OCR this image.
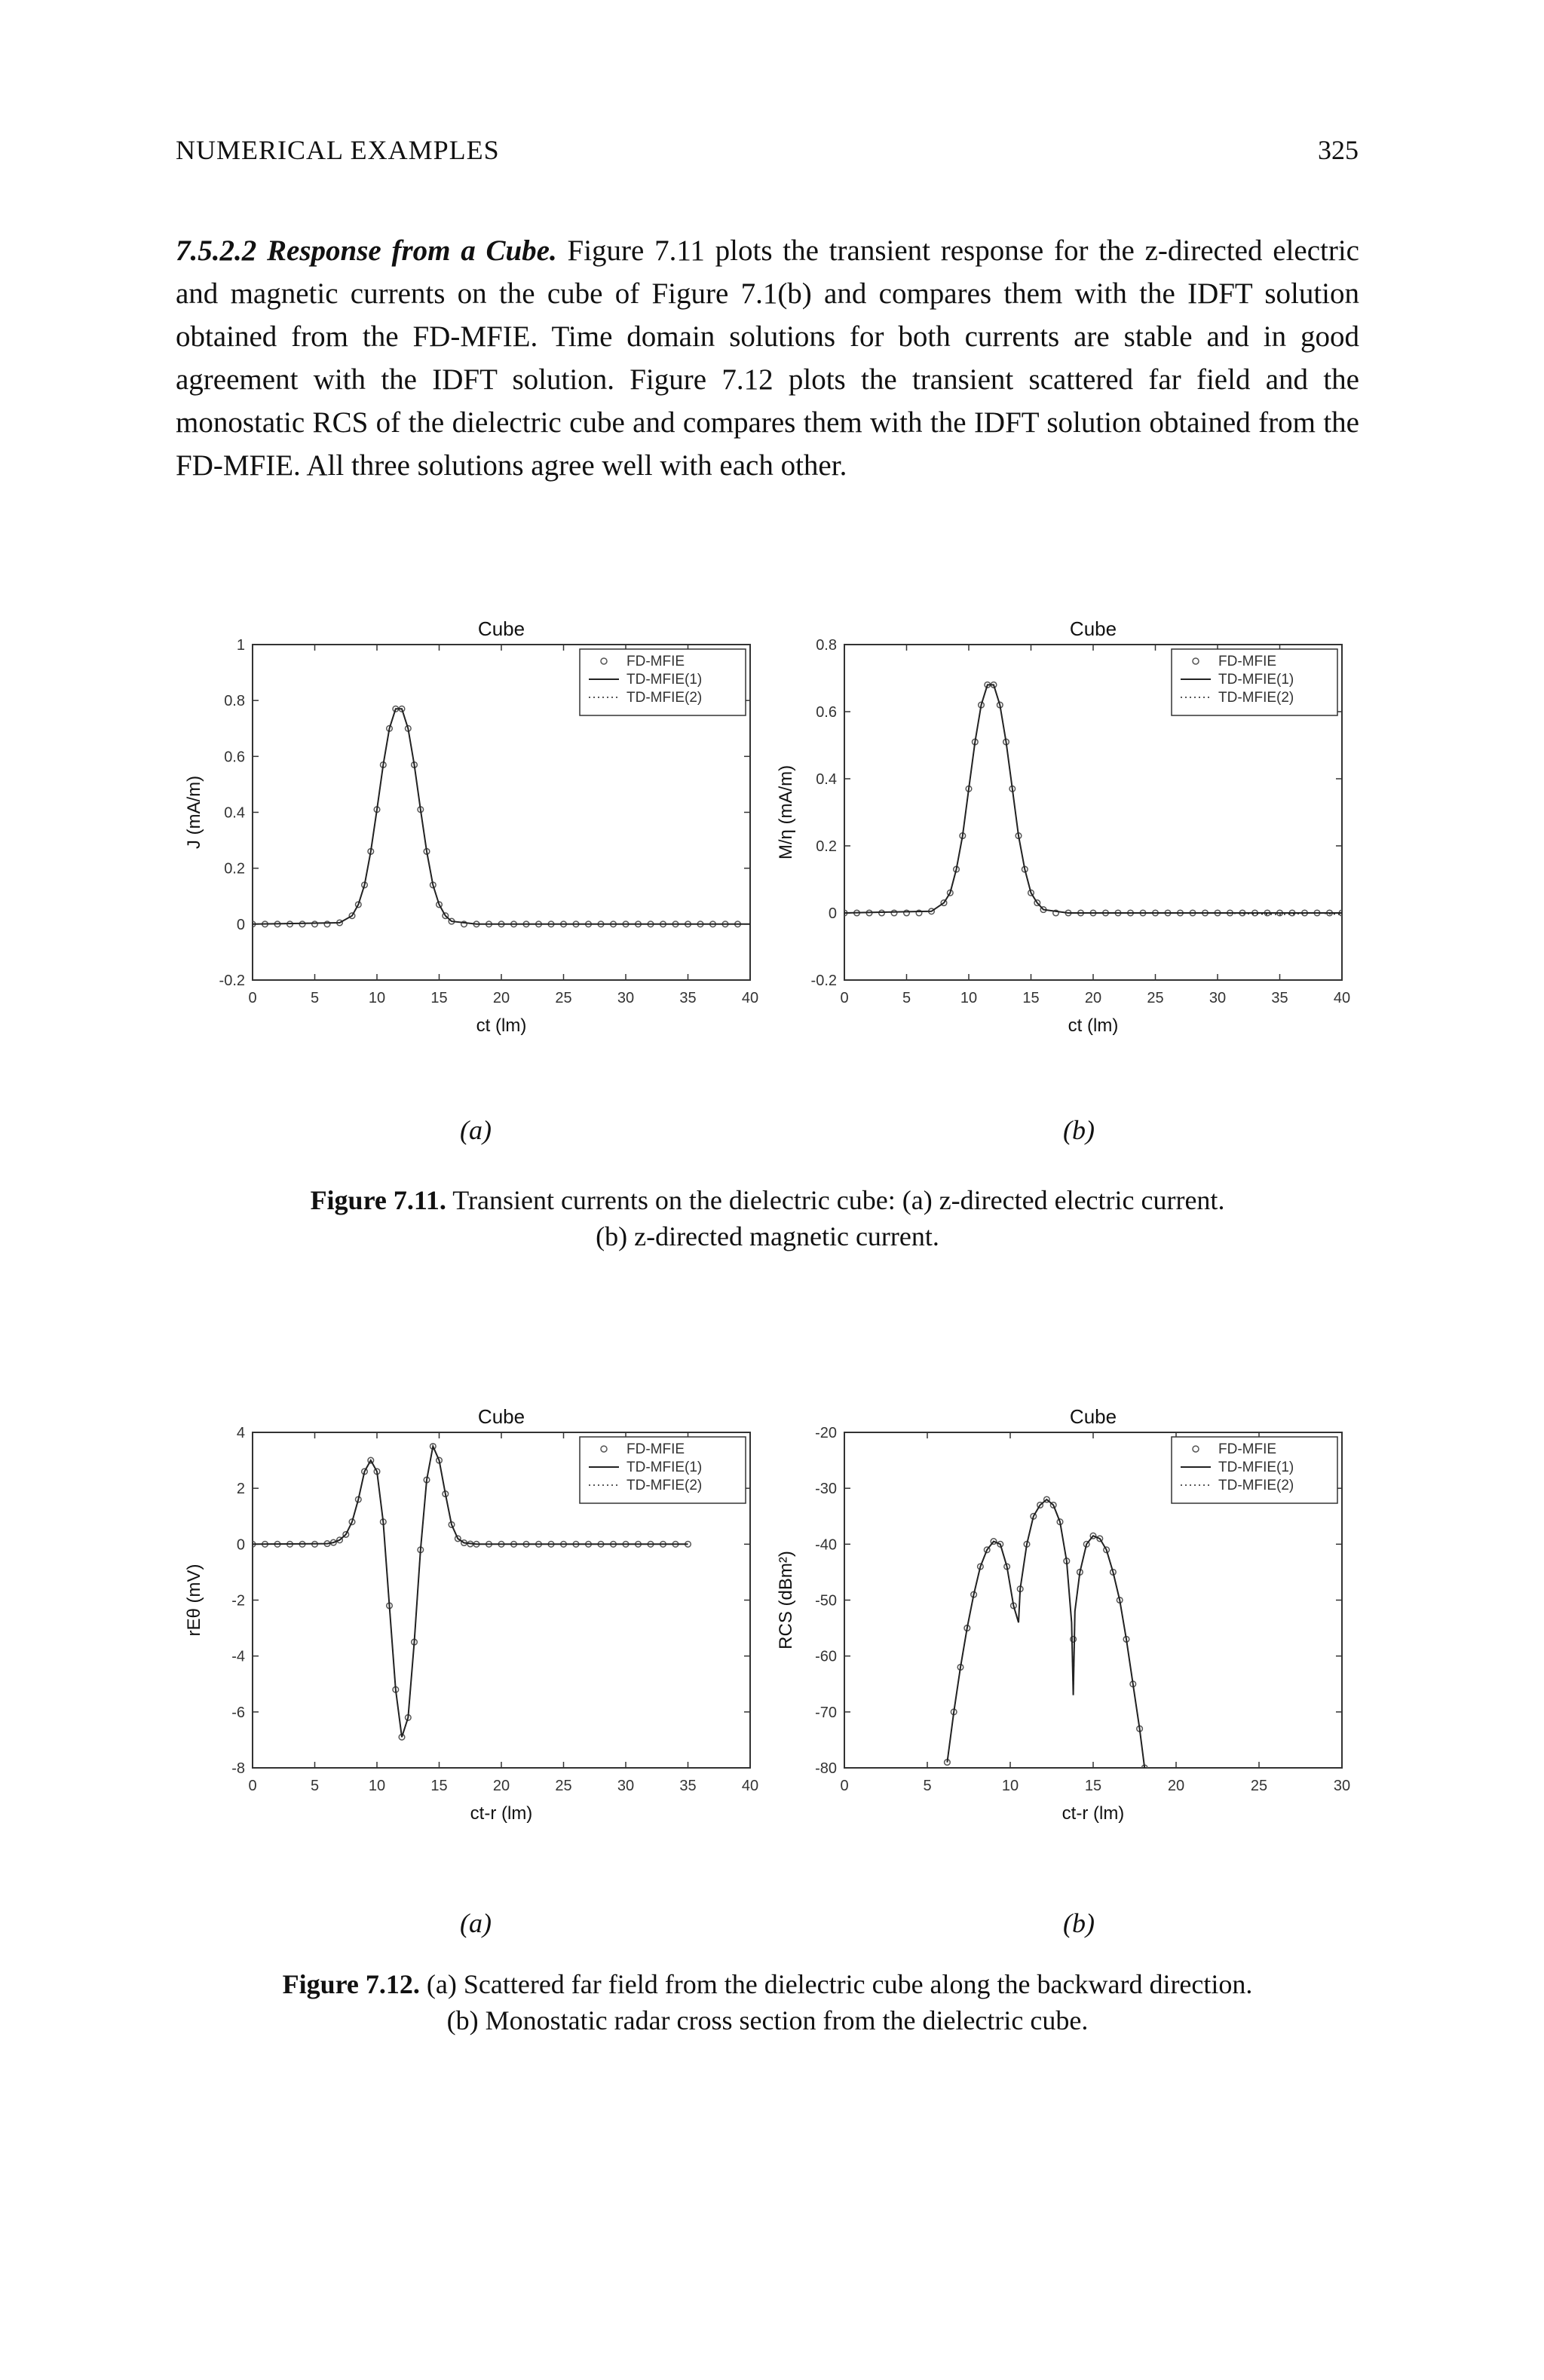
NUMERICAL EXAMPLES	325
7.5.2.2 Response from a Cube. Figure 7.11 plots the transient response for the z-directed electric and magnetic currents on the cube of Figure 7.1(b) and compares them with the IDFT solution obtained from the FD-MFIE. Time domain solutions for both currents are stable and in good agreement with the IDFT solution. Figure 7.12 plots the transient scattered far field and the monostatic RCS of the dielectric cube and compares them with the IDFT solution obtained from the FD-MFIE. All three solutions agree well with each other.
Cube
0	5	10	15	20	25	30	35	40
-0.2
0
0.2
0.4
0.6
0.8
1
ct (lm)
J (mA/m)
FD-MFIE
TD-MFIE(1)
TD-MFIE(2)
Cube
0	5	10	15	20	25	30	35	40
-0.2
0
0.2
0.4
0.6
0.8
ct (lm)
M/η (mA/m)
FD-MFIE
TD-MFIE(1)
TD-MFIE(2)
(a)	(b)
Figure 7.11. Transient currents on the dielectric cube: (a) z-directed electric current.
(b) z-directed magnetic current.
Cube
0	5	10	15	20	25	30	35	40
-8
-6
-4
-2
0
2
4
ct-r (lm)
rEθ (mV)
FD-MFIE
TD-MFIE(1)
TD-MFIE(2)
Cube
0	5	10	15	20	25	30
-80
-70
-60
-50
-40
-30
-20
ct-r (lm)
RCS (dBm²)
FD-MFIE
TD-MFIE(1)
TD-MFIE(2)
(a)	(b)
Figure 7.12. (a) Scattered far field from the dielectric cube along the backward direction.
(b) Monostatic radar cross section from the dielectric cube.
